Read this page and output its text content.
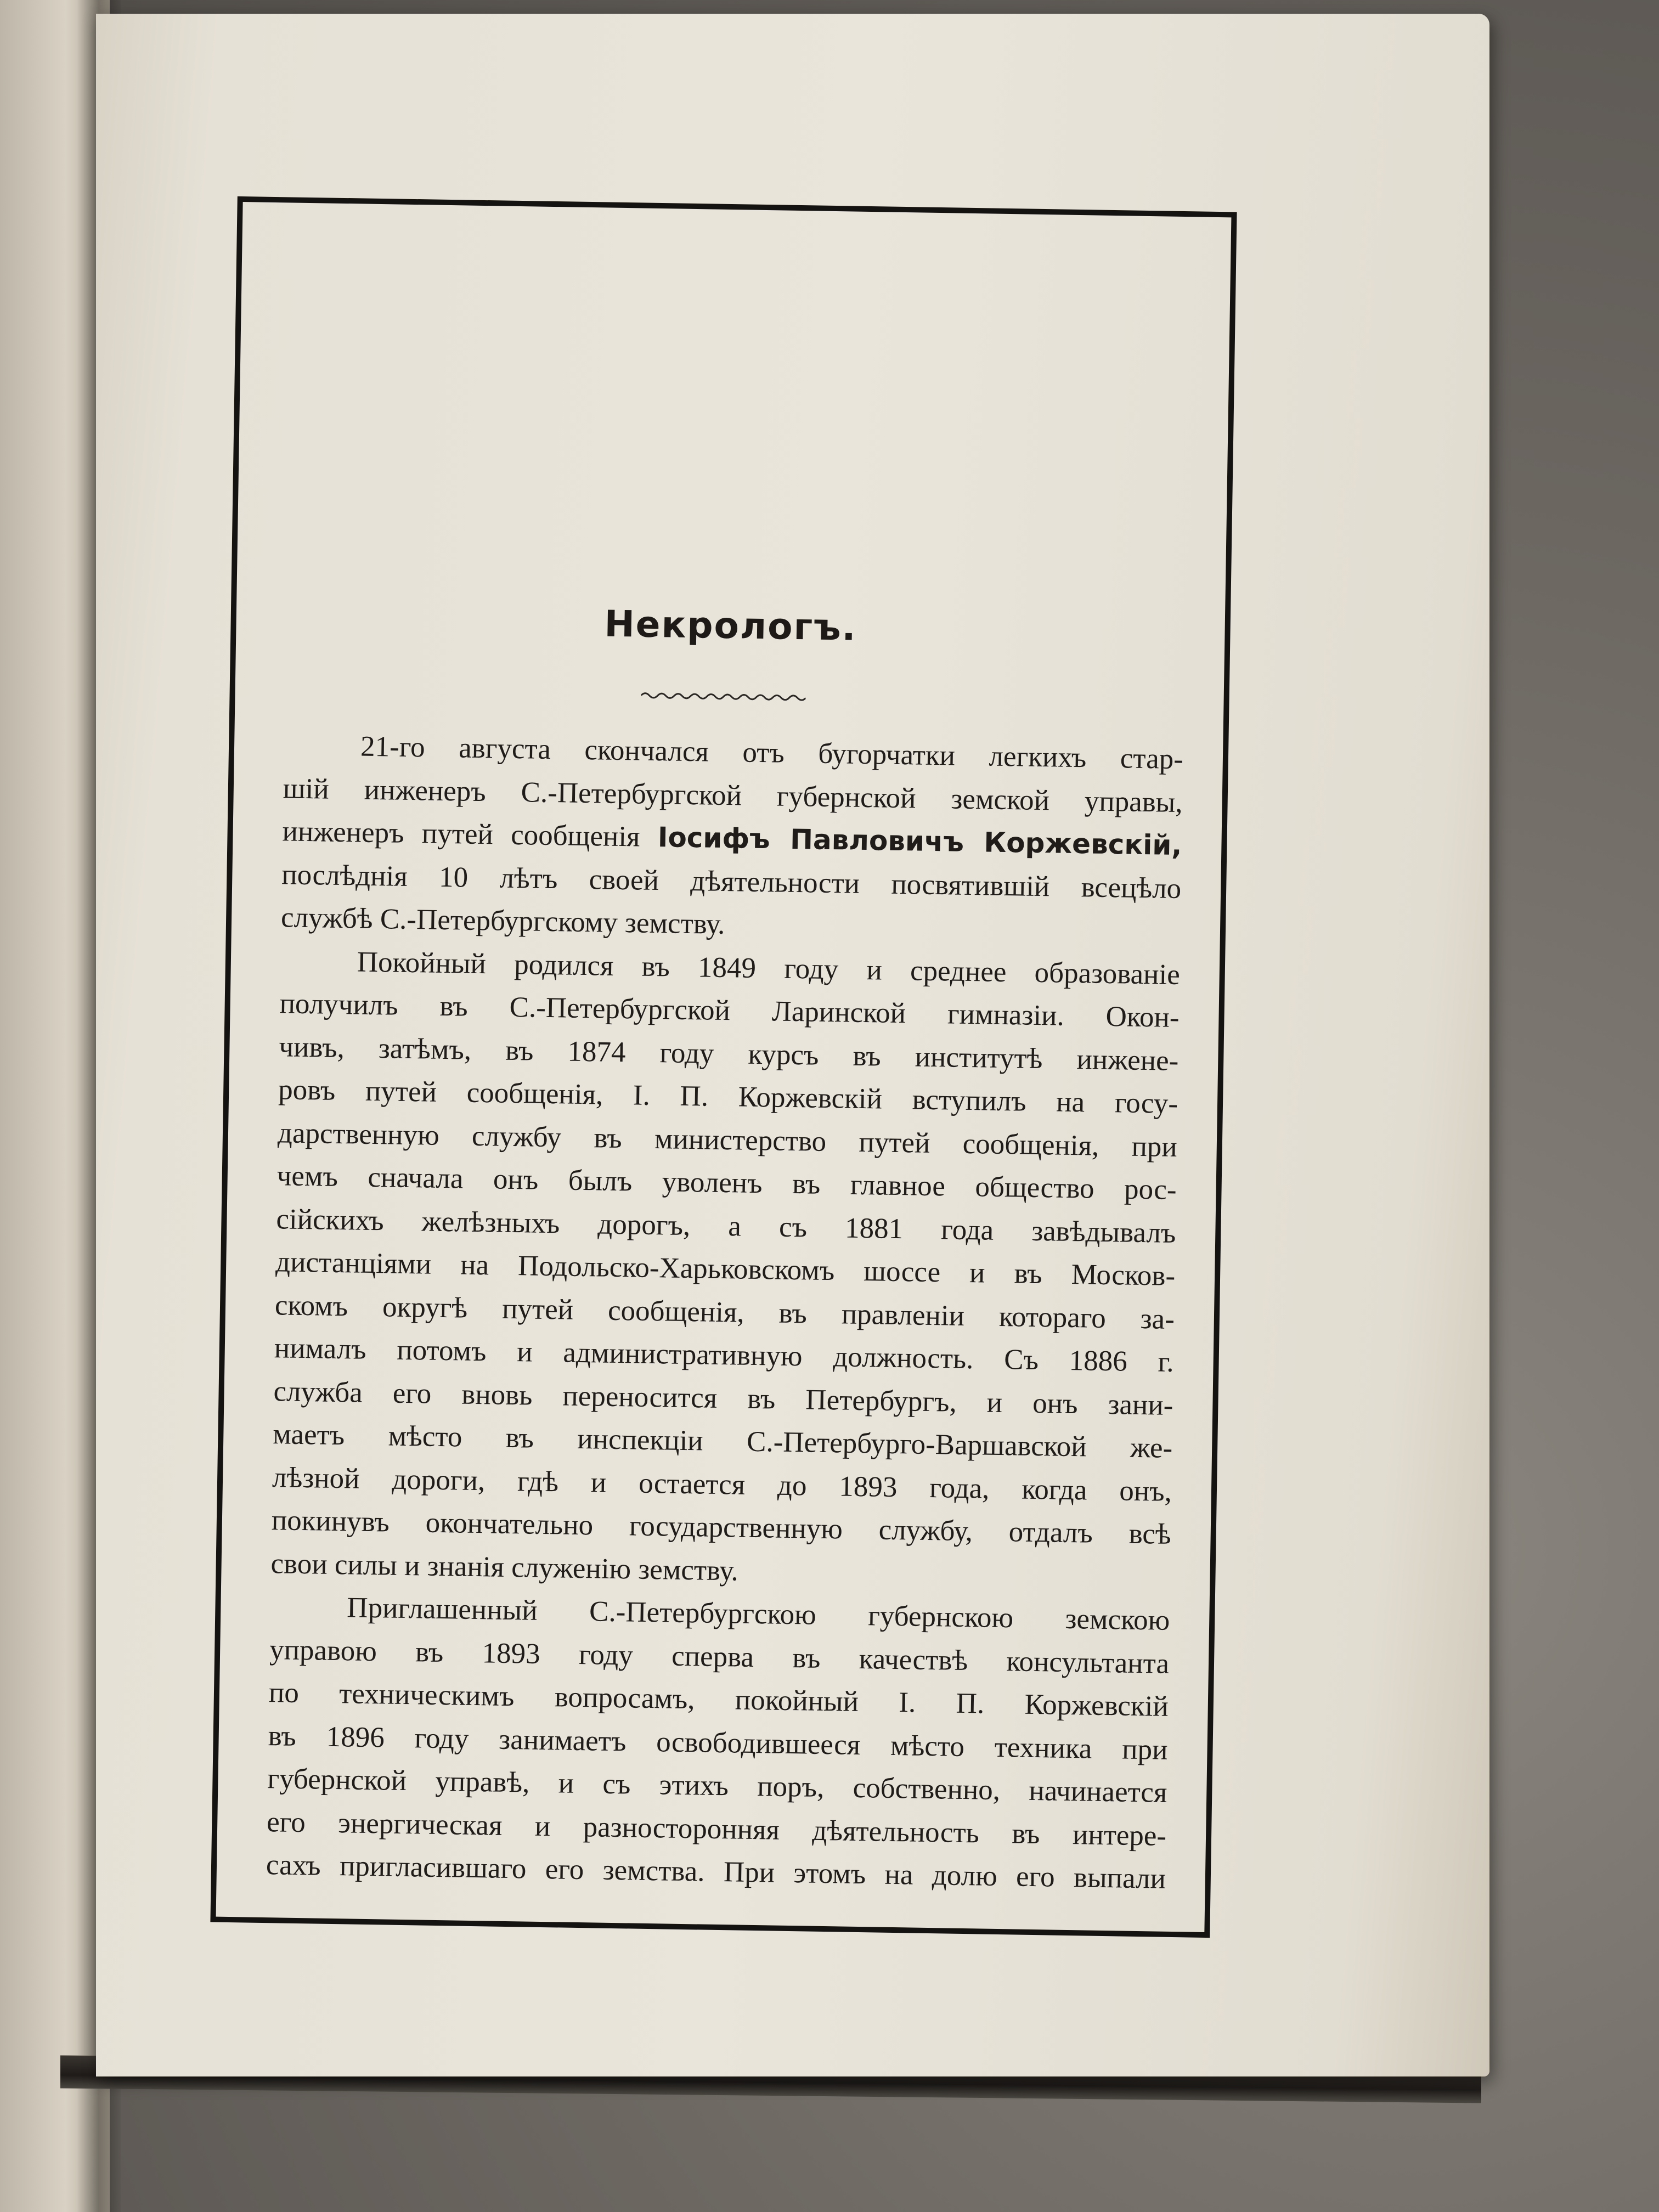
Некрологъ.
21-го августа скончался отъ бугорчатки легкихъ стар-
шій инженеръ С.-Петербургской губернской земской управы,
инженеръ путей сообщенія Іосифъ Павловичъ Коржевскій,
послѣднія 10 лѣтъ своей дѣятельности посвятившій всецѣло
службѣ С.-Петербургскому земству.
Покойный родился въ 1849 году и среднее образованіе
получилъ въ С.-Петербургской Ларинской гимназіи. Окон-
чивъ, затѣмъ, въ 1874 году курсъ въ институтѣ инжене-
ровъ путей сообщенія, І. П. Коржевскій вступилъ на госу-
дарственную службу въ министерство путей сообщенія, при
чемъ сначала онъ былъ уволенъ въ главное общество рос-
сійскихъ желѣзныхъ дорогъ, а съ 1881 года завѣдывалъ
дистанціями на Подольско-Харьковскомъ шоссе и въ Москов-
скомъ округѣ путей сообщенія, въ правленіи котораго за-
нималъ потомъ и административную должность. Съ 1886 г.
служба его вновь переносится въ Петербургъ, и онъ зани-
маетъ мѣсто въ инспекціи С.-Петербурго-Варшавской же-
лѣзной дороги, гдѣ и остается до 1893 года, когда онъ,
покинувъ окончательно государственную службу, отдалъ всѣ
свои силы и знанія служенію земству.
Приглашенный С.-Петербургскою губернскою земскою
управою въ 1893 году сперва въ качествѣ консультанта
по техническимъ вопросамъ, покойный І. П. Коржевскій
въ 1896 году занимаетъ освободившееся мѣсто техника при
губернской управѣ, и съ этихъ поръ, собственно, начинается
его энергическая и разносторонняя дѣятельность въ интере-
сахъ пригласившаго его земства. При этомъ на долю его выпали
